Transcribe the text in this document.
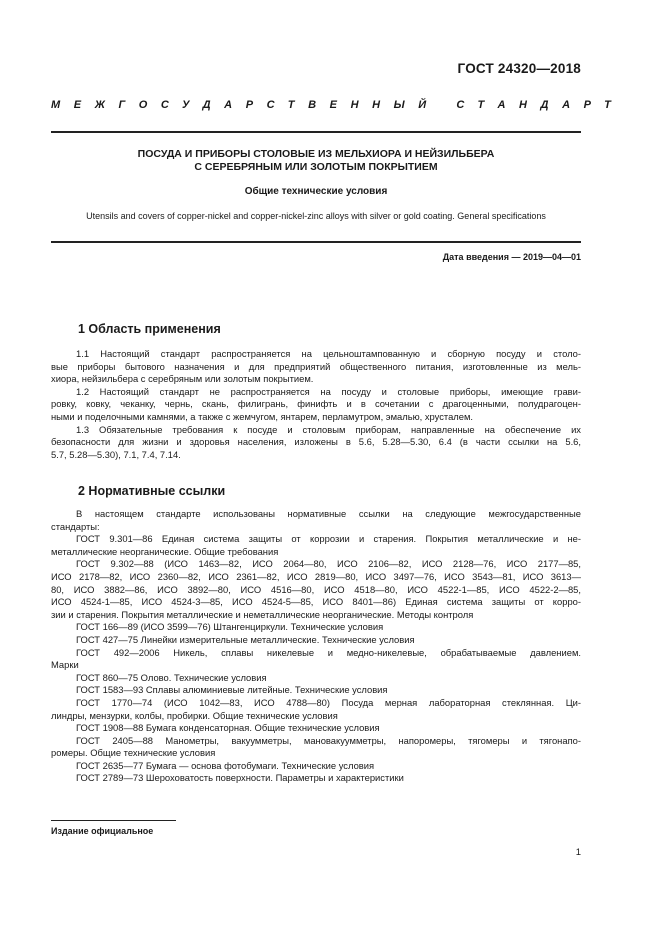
ГОСТ 24320—2018
МЕЖГОСУДАРСТВЕННЫЙ СТАНДАРТ
ПОСУДА И ПРИБОРЫ СТОЛОВЫЕ ИЗ МЕЛЬХИОРА И НЕЙЗИЛЬБЕРА
С СЕРЕБРЯНЫМ ИЛИ ЗОЛОТЫМ ПОКРЫТИЕМ
Общие технические условия
Utensils and covers of copper-nickel and copper-nickel-zinc alloys with silver or gold coating. General specifications
Дата введения — 2019—04—01
1 Область применения
1.1 Настоящий стандарт распространяется на цельноштампованную и сборную посуду и столо-
вые приборы бытового назначения и для предприятий общественного питания, изготовленные из мель-
хиора, нейзильбера с серебряным или золотым покрытием.
1.2 Настоящий стандарт не распространяется на посуду и столовые приборы, имеющие грави-
ровку, ковку, чеканку, чернь, скань, филигрань, финифть и в сочетании с драгоценными, полудрагоцен-
ными и поделочными камнями, а также с жемчугом, янтарем, перламутром, эмалью, хрусталем.
1.3 Обязательные требования к посуде и столовым приборам, направленные на обеспечение их
безопасности для жизни и здоровья населения, изложены в 5.6, 5.28—5.30, 6.4 (в части ссылки на 5.6,
5.7, 5.28—5.30), 7.1, 7.4, 7.14.
2 Нормативные ссылки
В настоящем стандарте использованы нормативные ссылки на следующие межгосударственные
стандарты:
ГОСТ 9.301—86 Единая система защиты от коррозии и старения. Покрытия металлические и не-
металлические неорганические. Общие требования
ГОСТ 9.302—88 (ИСО 1463—82, ИСО 2064—80, ИСО 2106—82, ИСО 2128—76, ИСО 2177—85,
ИСО 2178—82, ИСО 2360—82, ИСО 2361—82, ИСО 2819—80, ИСО 3497—76, ИСО 3543—81, ИСО 3613—
80, ИСО 3882—86, ИСО 3892—80, ИСО 4516—80, ИСО 4518—80, ИСО 4522-1—85, ИСО 4522-2—85,
ИСО 4524-1—85, ИСО 4524-3—85, ИСО 4524-5—85, ИСО 8401—86) Единая система защиты от корро-
зии и старения. Покрытия металлические и неметаллические неорганические. Методы контроля
ГОСТ 166—89 (ИСО 3599—76) Штангенциркули. Технические условия
ГОСТ 427—75 Линейки измерительные металлические. Технические условия
ГОСТ 492—2006 Никель, сплавы никелевые и медно-никелевые, обрабатываемые давлением.
Марки
ГОСТ 860—75 Олово. Технические условия
ГОСТ 1583—93 Сплавы алюминиевые литейные. Технические условия
ГОСТ 1770—74 (ИСО 1042—83, ИСО 4788—80) Посуда мерная лабораторная стеклянная. Ци-
линдры, мензурки, колбы, пробирки. Общие технические условия
ГОСТ 1908—88 Бумага конденсаторная. Общие технические условия
ГОСТ 2405—88 Манометры, вакуумметры, мановакуумметры, напоромеры, тягомеры и тягонапо-
ромеры. Общие технические условия
ГОСТ 2635—77 Бумага — основа фотобумаги. Технические условия
ГОСТ 2789—73 Шероховатость поверхности. Параметры и характеристики
Издание официальное
1
